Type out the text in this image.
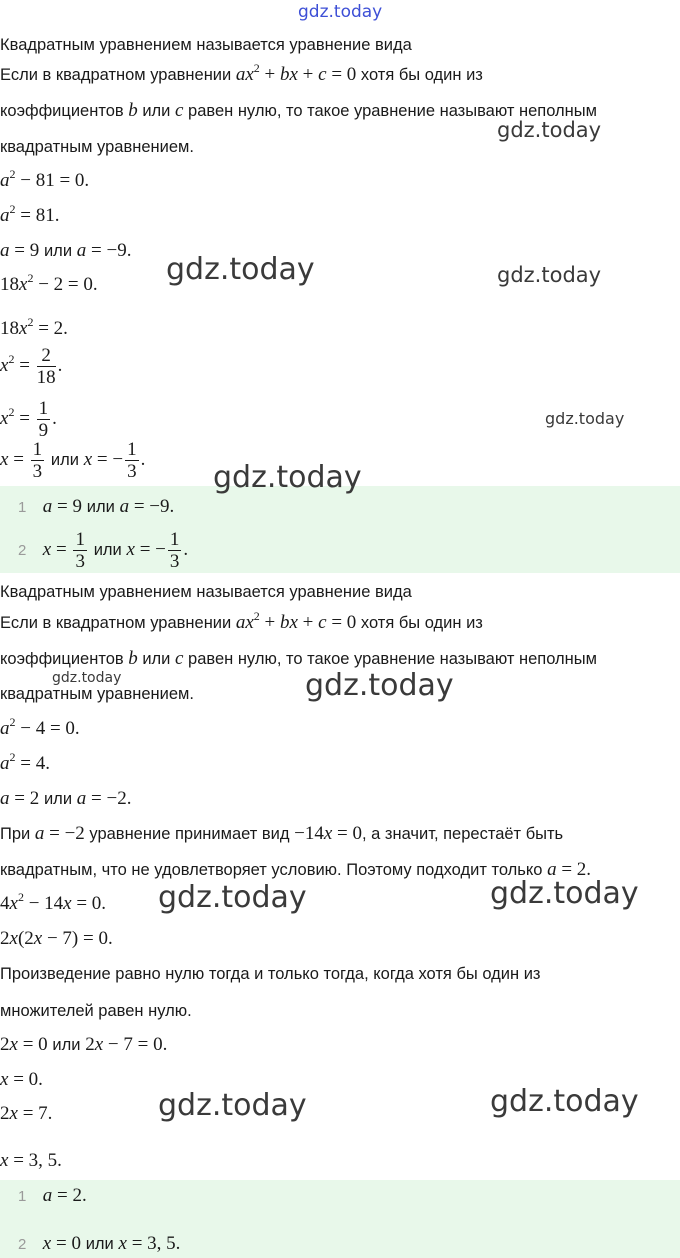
gdz.today
Квадратным уравнением называется уравнение вида
Если в квадратном уравнении $ax^2$ + bx + c = 0 хотя бы один из
коэффициентов b или c равен нулю, то такое уравнение называют неполным
gdz.today
квадратным уравнением.
$a^2 - 81 = 0$.
$a^2 = 81$.
a = 9 или a = −9.
gdz.today	gdz.today
$18x^2 - 2 = 0$.
$18x^2 = 2$.
$x^2 = \frac{2}{18}$ .
$x^2 = \frac{1}{9}$ .	gdz.today
$x = \frac{1}{3}$ или x = − $\frac{1}{3}$ .
gdz.today
1 a = 9 или a = −9.
2 $x = \frac{1}{3}$ или x = − $\frac{1}{3}$ .
Квадратным уравнением называется уравнение вида
Если в квадратном уравнении $ax^2$ + bx + c = 0 хотя бы один из
коэффициентов b или c равен нулю, то такое уравнение называют неполным
gdz.today
квадратным уравнением.	gdz.today
$a^2 - 4 = 0$.
$a^2 = 4$.
a = 2 или a = −2.
При a = −2 уравнение принимает вид −14x = 0, а значит, перестаёт быть
квадратным, что не удовлетворяет условию. Поэтому подходит только a = 2.
$4x^2 - 14x = 0$. gdz.today	gdz.today
2x(2x − 7) = 0.
Произведение равно нулю тогда и только тогда, когда хотя бы один из
множителей равен нулю.
2x = 0 или 2x − 7 = 0.
x = 0.
2x = 7.	gdz.today	gdz.today
x = 3, 5.
1 a = 2.
2 x = 0 или x = 3, 5.
